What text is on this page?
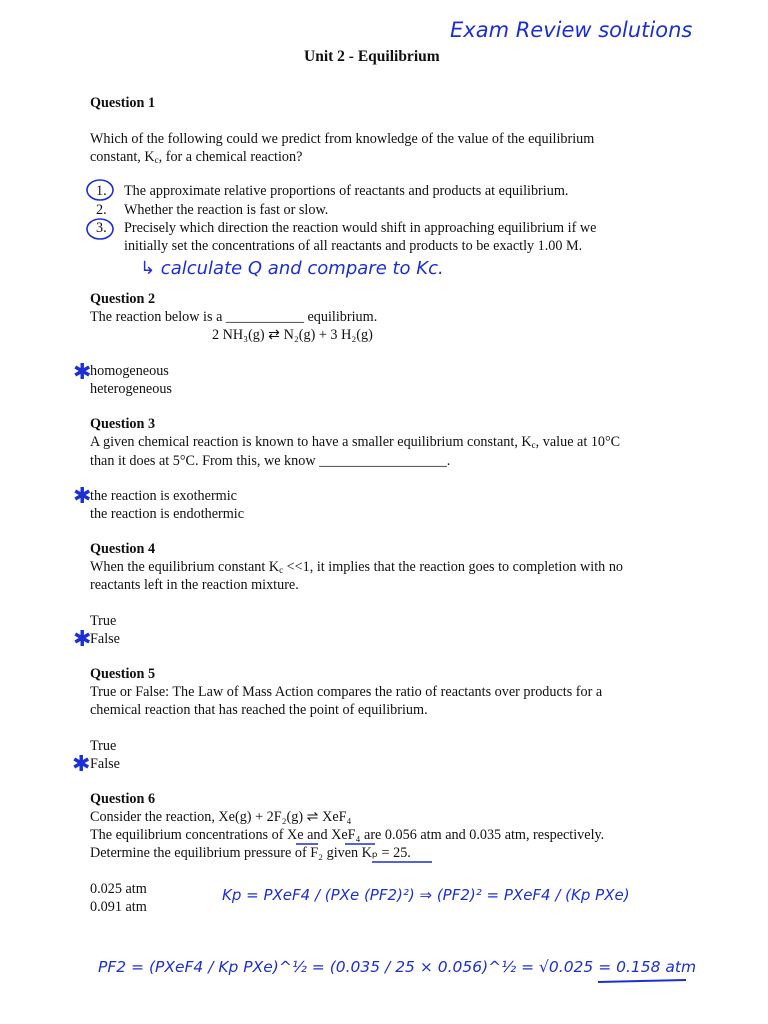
Exam Review solutions
Unit 2 - Equilibrium
Question 1
Which of the following could we predict from knowledge of the value of the equilibrium
constant, $K_c$, for a chemical reaction?
1. The approximate relative proportions of reactants and products at equilibrium.
2. Whether the reaction is fast or slow.
3. Precisely which direction the reaction would shift in approaching equilibrium if we
initially set the concentrations of all reactants and products to be exactly 1.00 M.
↳ calculate Q and compare to Kc.
Question 2
The reaction below is a ___________ equilibrium.
2 NH₃(g) ⇄ N₂(g) + 3 H₂(g)
homogeneous
heterogeneous
Question 3
A given chemical reaction is known to have a smaller equilibrium constant, $K_c$, value at 10°C
than it does at 5°C. From this, we know __________________.
the reaction is exothermic
the reaction is endothermic
Question 4
When the equilibrium constant $K_c <<1$, it implies that the reaction goes to completion with no
reactants left in the reaction mixture.
True
False
Question 5
True or False: The Law of Mass Action compares the ratio of reactants over products for a
chemical reaction that has reached the point of equilibrium.
True
False
Question 6
Consider the reaction, Xe(g) + 2F₂(g) ⇌ XeF₄
The equilibrium concentrations of Xe and XeF₄ are 0.056 atm and 0.035 atm, respectively.
Determine the equilibrium pressure of F₂ given Kₚ = 25.
0.025 atm
0.091 atm
Kp = PXeF4 / (PXe (PF2)²) ⇒ (PF2)² = PXeF4 / (Kp PXe)
PF2 = (PXeF4 / Kp PXe)^½ = (0.035 / 25 × 0.056)^½ = √0.025 = 0.158 atm
✱
✱
✱
✱
